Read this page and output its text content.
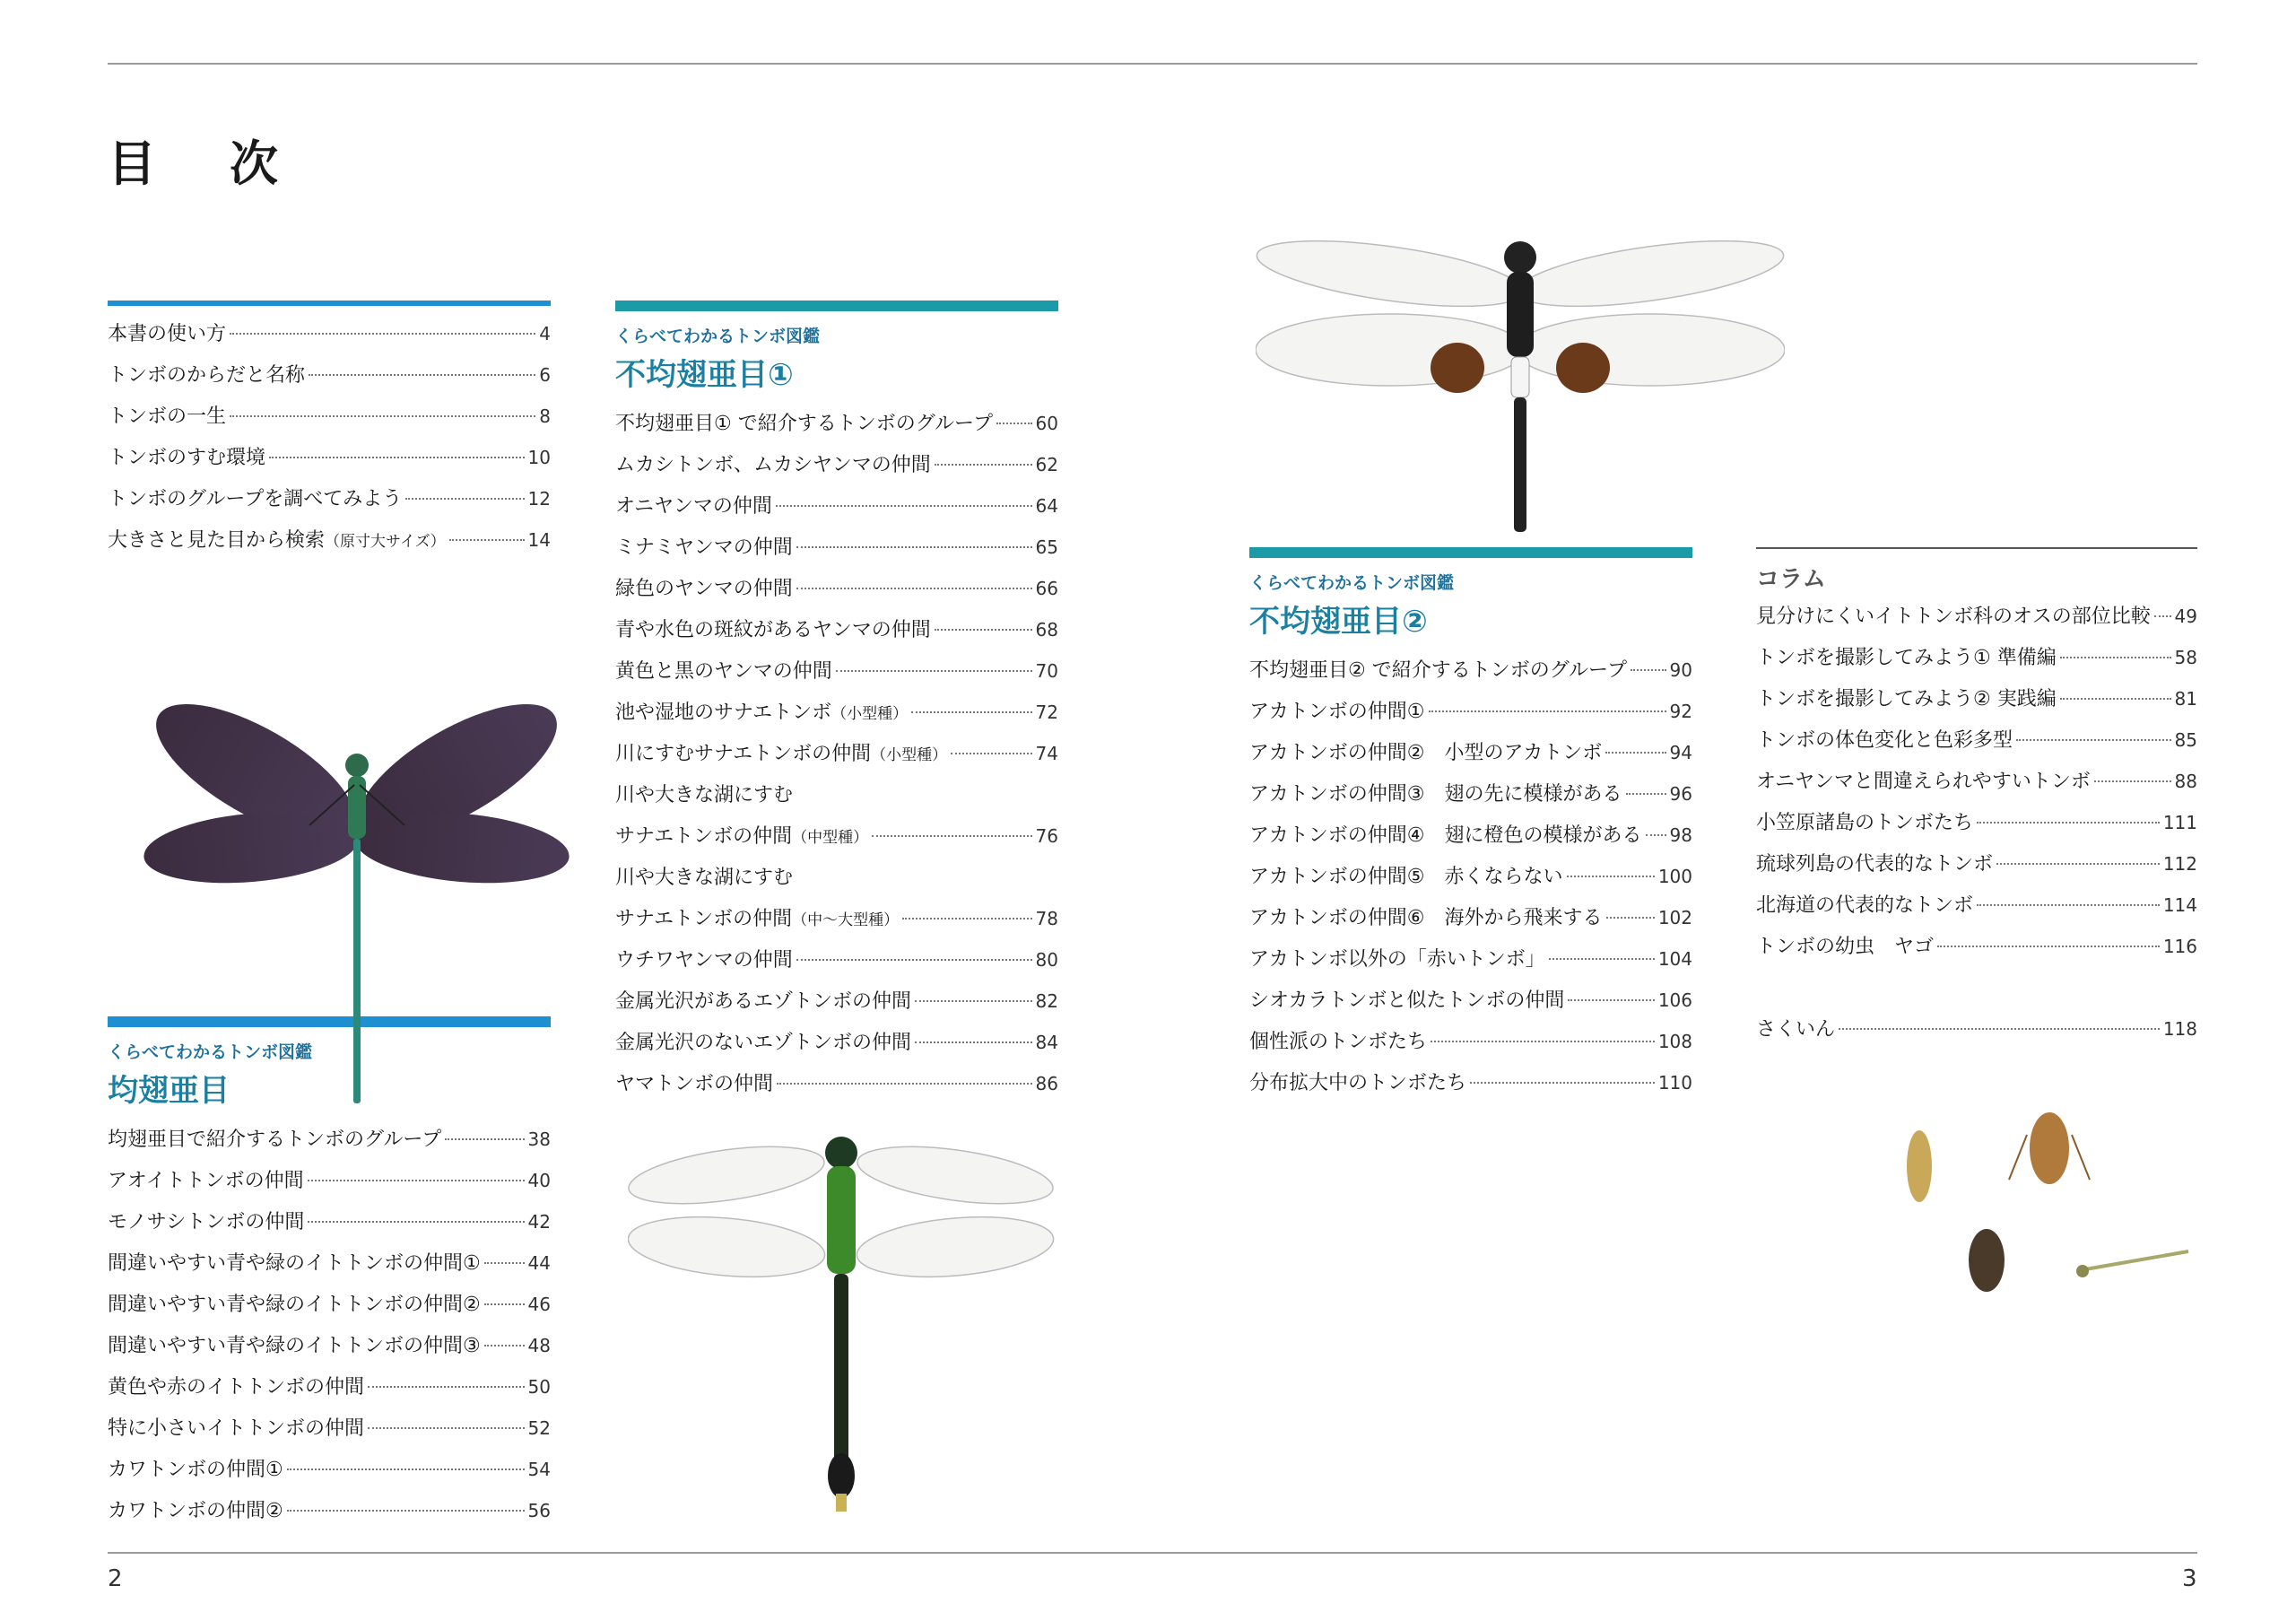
目 次
2	3
本書の使い方	4
トンボのからだと名称	6
トンボの一生	8
トンボのすむ環境	10
トンボのグループを調べてみよう	12
大きさと見た目から検索 （原寸大サイズ）	14
くらべてわかるトンボ図鑑
均翅亜目
均翅亜目で紹介するトンボのグループ	38
アオイトトンボの仲間	40
モノサシトンボの仲間	42
間違いやすい青や緑のイトトンボの仲間①	44
間違いやすい青や緑のイトトンボの仲間②	46
間違いやすい青や緑のイトトンボの仲間③	48
黄色や赤のイトトンボの仲間	50
特に小さいイトトンボの仲間	52
カワトンボの仲間①	54
カワトンボの仲間②	56
くらべてわかるトンボ図鑑
不均翅亜目①
不均翅亜目① で紹介するトンボのグループ 60
ムカシトンボ、ムカシヤンマの仲間	62
オニヤンマの仲間	64
ミナミヤンマの仲間	65
緑色のヤンマの仲間	66
青や水色の斑紋があるヤンマの仲間	68
黄色と黒のヤンマの仲間	70
池や湿地のサナエトンボ （小型種）	72
川にすむサナエトンボの仲間 （小型種）	74
川や大きな湖にすむ
サナエトンボの仲間 （中型種）	76
川や大きな湖にすむ
サナエトンボの仲間 （中〜大型種）	78
ウチワヤンマの仲間	80
金属光沢があるエゾトンボの仲間	82
金属光沢のないエゾトンボの仲間	84
ヤマトンボの仲間	86
くらべてわかるトンボ図鑑
不均翅亜目②
不均翅亜目② で紹介するトンボのグループ 90
アカトンボの仲間①	92
アカトンボの仲間②　小型のアカトンボ	94
アカトンボの仲間③　翅の先に模様がある	96
アカトンボの仲間④　翅に橙色の模様がある 98
アカトンボの仲間⑤　赤くならない	100
アカトンボの仲間⑥　海外から飛来する	102
アカトンボ以外の「赤いトンボ」	104
シオカラトンボと似たトンボの仲間	106
個性派のトンボたち	108
分布拡大中のトンボたち	110
コラム
見分けにくいイトトンボ科のオスの部位比較 49
トンボを撮影してみよう① 準備編	58
トンボを撮影してみよう② 実践編	81
トンボの体色変化と色彩多型	85
オニヤンマと間違えられやすいトンボ	88
小笠原諸島のトンボたち	111
琉球列島の代表的なトンボ	112
北海道の代表的なトンボ	114
トンボの幼虫　ヤゴ	116
さくいん	118
